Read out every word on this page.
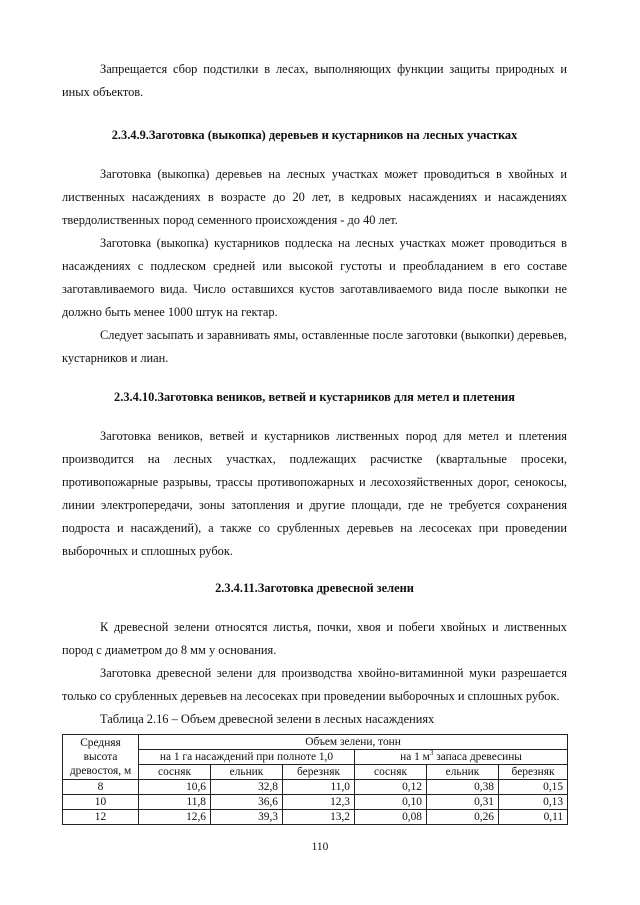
Запрещается сбор подстилки в лесах, выполняющих функции защиты природных и иных объектов.

2.3.4.9.Заготовка (выкопка) деревьев и кустарников на лесных участках

Заготовка (выкопка) деревьев на лесных участках может проводиться в хвойных и лиственных насаждениях в возрасте до 20 лет, в кедровых насаждениях и насаждениях твердолиственных пород семенного происхождения - до 40 лет.

Заготовка (выкопка) кустарников подлеска на лесных участках может проводиться в насаждениях с подлеском средней или высокой густоты и преобладанием в его составе заготавливаемого вида. Число оставшихся кустов заготавливаемого вида после выкопки не должно быть менее 1000 штук на гектар.

Следует засыпать и заравнивать ямы, оставленные после заготовки (выкопки) деревьев, кустарников и лиан.

2.3.4.10.Заготовка веников, ветвей и кустарников для метел и плетения

Заготовка веников, ветвей и кустарников лиственных пород для метел и плетения производится на лесных участках, подлежащих расчистке (квартальные просеки, противопожарные разрывы, трассы противопожарных и лесохозяйственных дорог, сенокосы, линии электропередачи, зоны затопления и другие площади, где не требуется сохранения подроста и насаждений), а также со срубленных деревьев на лесосеках при проведении выборочных и сплошных рубок.

2.3.4.11.Заготовка древесной зелени

К древесной зелени относятся листья, почки, хвоя и побеги хвойных и лиственных пород с диаметром до 8 мм у основания.

Заготовка древесной зелени для производства хвойно-витаминной муки разрешается только со срубленных деревьев на лесосеках при проведении выборочных и сплошных рубок.

Таблица 2.16 – Объем древесной зелени в лесных насаждениях

Средняя высота древостоя, м	Объем зелени, тонн					
	на 1 га насаждений при полноте 1,0			на 1 $м^3$ запаса древесины		
	сосняк	ельник	березняк	сосняк	ельник	березняк
8	10,6	32,8	11,0	0,12	0,38	0,15
10	11,8	36,6	12,3	0,10	0,31	0,13
12	12,6	39,3	13,2	0,08	0,26	0,11
110
